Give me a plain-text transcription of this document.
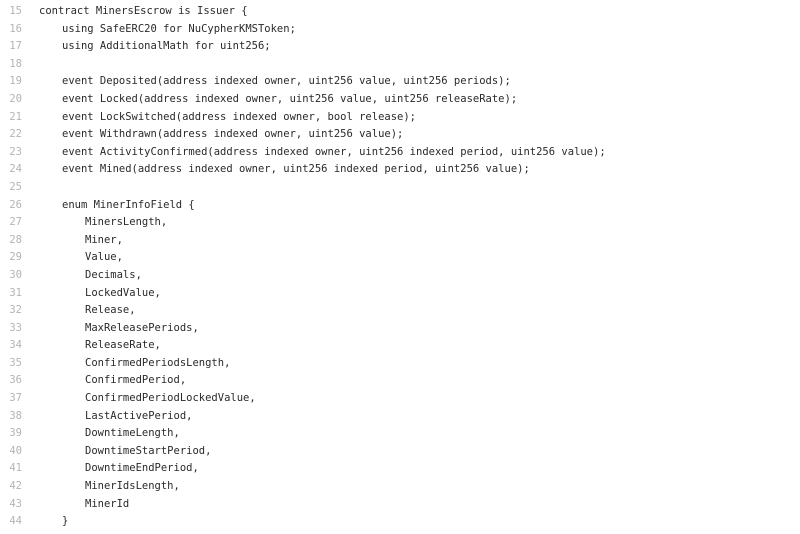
15 contract MinersEscrow is Issuer {
16	using SafeERC20 for NuCypherKMSToken;
17	using AdditionalMath for uint256;
18
19	event Deposited(address indexed owner, uint256 value, uint256 periods);
20	event Locked(address indexed owner, uint256 value, uint256 releaseRate);
21	event LockSwitched(address indexed owner, bool release);
22	event Withdrawn(address indexed owner, uint256 value);
23	event ActivityConfirmed(address indexed owner, uint256 indexed period, uint256 value);
24	event Mined(address indexed owner, uint256 indexed period, uint256 value);
25
26	enum MinerInfoField {
27	MinersLength,
28	Miner,
29	Value,
30	Decimals,
31	LockedValue,
32	Release,
33	MaxReleasePeriods,
34	ReleaseRate,
35	ConfirmedPeriodsLength,
36	ConfirmedPeriod,
37	ConfirmedPeriodLockedValue,
38	LastActivePeriod,
39	DowntimeLength,
40	DowntimeStartPeriod,
41	DowntimeEndPeriod,
42	MinerIdsLength,
43	MinerId
44	}
